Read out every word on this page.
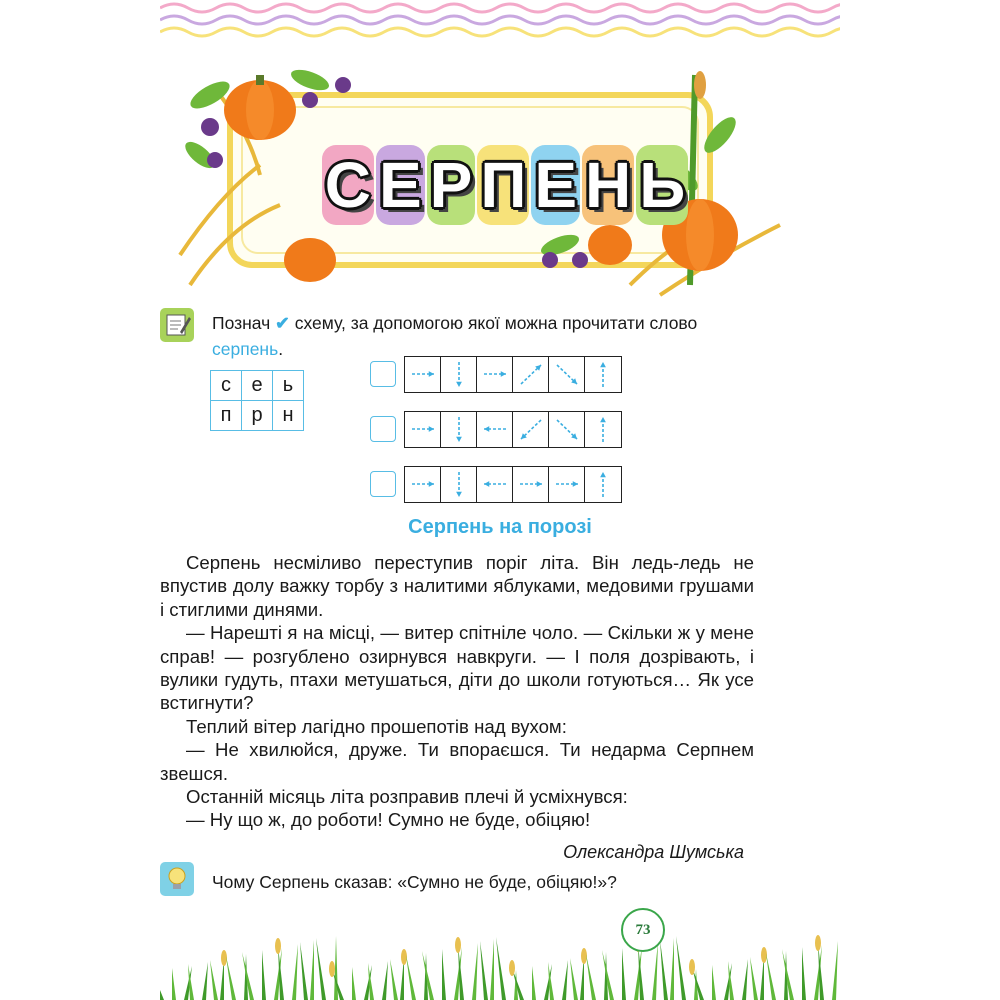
С Е Р П Е Н Ь
Познач ✔ схему, за допомогою якої можна прочитати слово
серпень.
с	е	ь
п	р	н
Серпень на порозі

Серпень несміливо переступив поріг літа. Він ледь-ледь не впустив долу важку торбу з налитими яблуками, медовими грушами і стиглими динями.

— Нарешті я на місці, — витер спітніле чоло. — Скільки ж у мене справ! — розгублено озирнувся навкруги. — І поля дозрівають, і вулики гудуть, птахи метушаться, діти до школи готуються… Як усе встигнути?

Теплий вітер лагідно прошепотів над вухом:

— Не хвилюйся, друже. Ти впораєшся. Ти недарма Серпнем звешся.

Останній місяць літа розправив плечі й усміхнувся:

— Ну що ж, до роботи! Сумно не буде, обіцяю!

Олександра Шумська
Чому Серпень сказав: «Сумно не буде, обіцяю!»?
73
